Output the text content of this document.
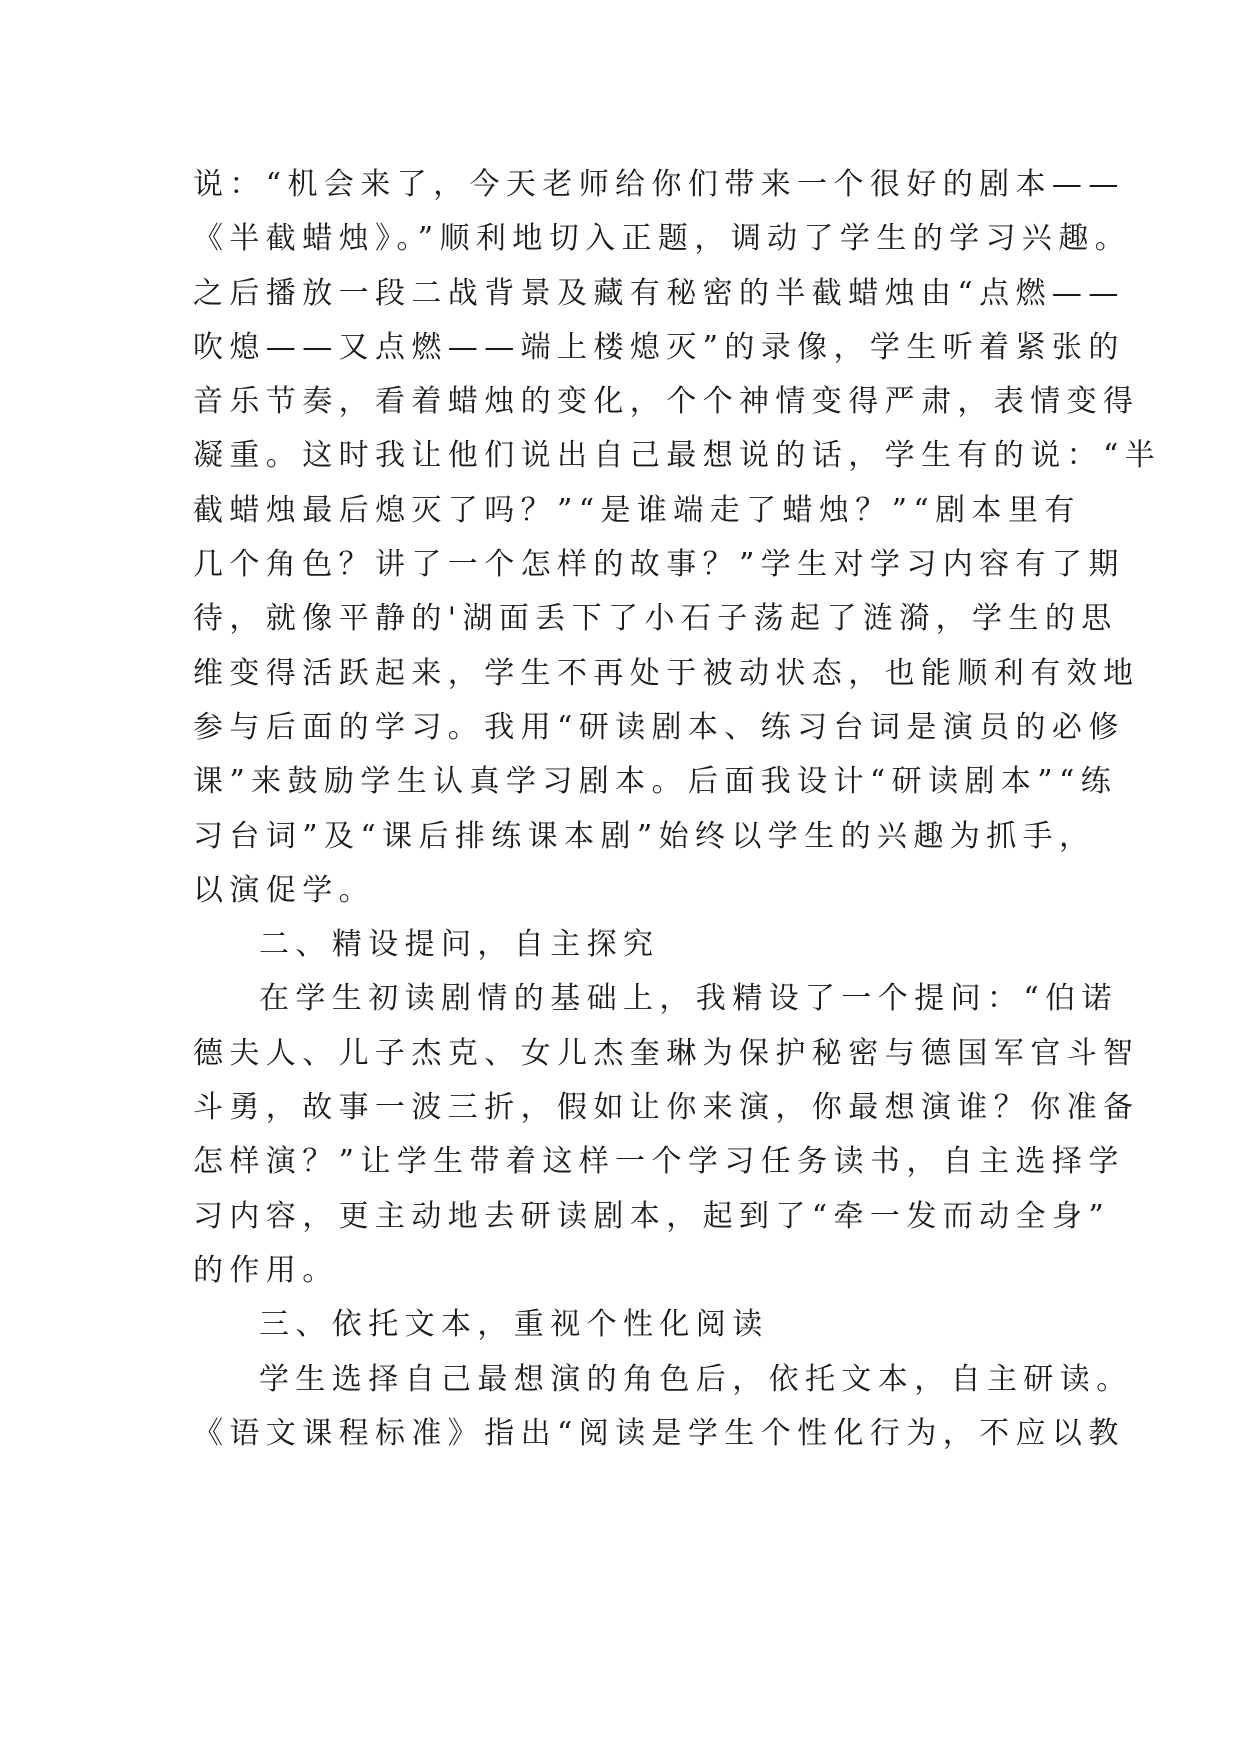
说：“机会来了，今天老师给你们带来一个很好的剧本——
《半截蜡烛》。”顺利地切入正题，调动了学生的学习兴趣。
之后播放一段二战背景及藏有秘密的半截蜡烛由“点燃——
吹熄——又点燃——端上楼熄灭”的录像，学生听着紧张的
音乐节奏，看着蜡烛的变化，个个神情变得严肃，表情变得
凝重。这时我让他们说出自己最想说的话，学生有的说：“半
截蜡烛最后熄灭了吗？”“是谁端走了蜡烛？”“剧本里有
几个角色？讲了一个怎样的故事？”学生对学习内容有了期
待，就像平静的'湖面丢下了小石子荡起了涟漪，学生的思
维变得活跃起来，学生不再处于被动状态，也能顺利有效地
参与后面的学习。我用“研读剧本、练习台词是演员的必修
课”来鼓励学生认真学习剧本。后面我设计“研读剧本”“练
习台词”及“课后排练课本剧”始终以学生的兴趣为抓手，
以演促学。
二、精设提问，自主探究
在学生初读剧情的基础上，我精设了一个提问：“伯诺
德夫人、儿子杰克、女儿杰奎琳为保护秘密与德国军官斗智
斗勇，故事一波三折，假如让你来演，你最想演谁？你准备
怎样演？”让学生带着这样一个学习任务读书，自主选择学
习内容，更主动地去研读剧本，起到了“牵一发而动全身”
的作用。
三、依托文本，重视个性化阅读
学生选择自己最想演的角色后，依托文本，自主研读。
《语文课程标准》指出“阅读是学生个性化行为，不应以教
